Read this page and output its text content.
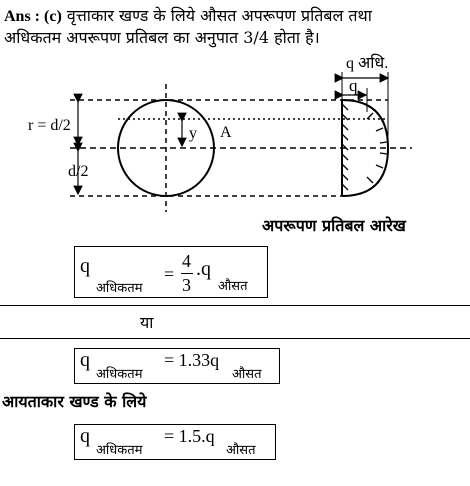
Ans : (c) वृत्ताकार खण्ड के लिये औसत अपरूपण प्रतिबल तथा
अधिकतम अपरूपण प्रतिबल का अनुपात 3/4 होता है।
r = d/2
d/2
y A
q
q अधि.
अपरूपण प्रतिबल आरेख
q
अधिकतम
=
4
3
.q
औसत
या
q
अधिकतम
= 1.33q
औसत
आयताकार खण्ड के लिये
q
अधिकतम
= 1.5.q
औसत
